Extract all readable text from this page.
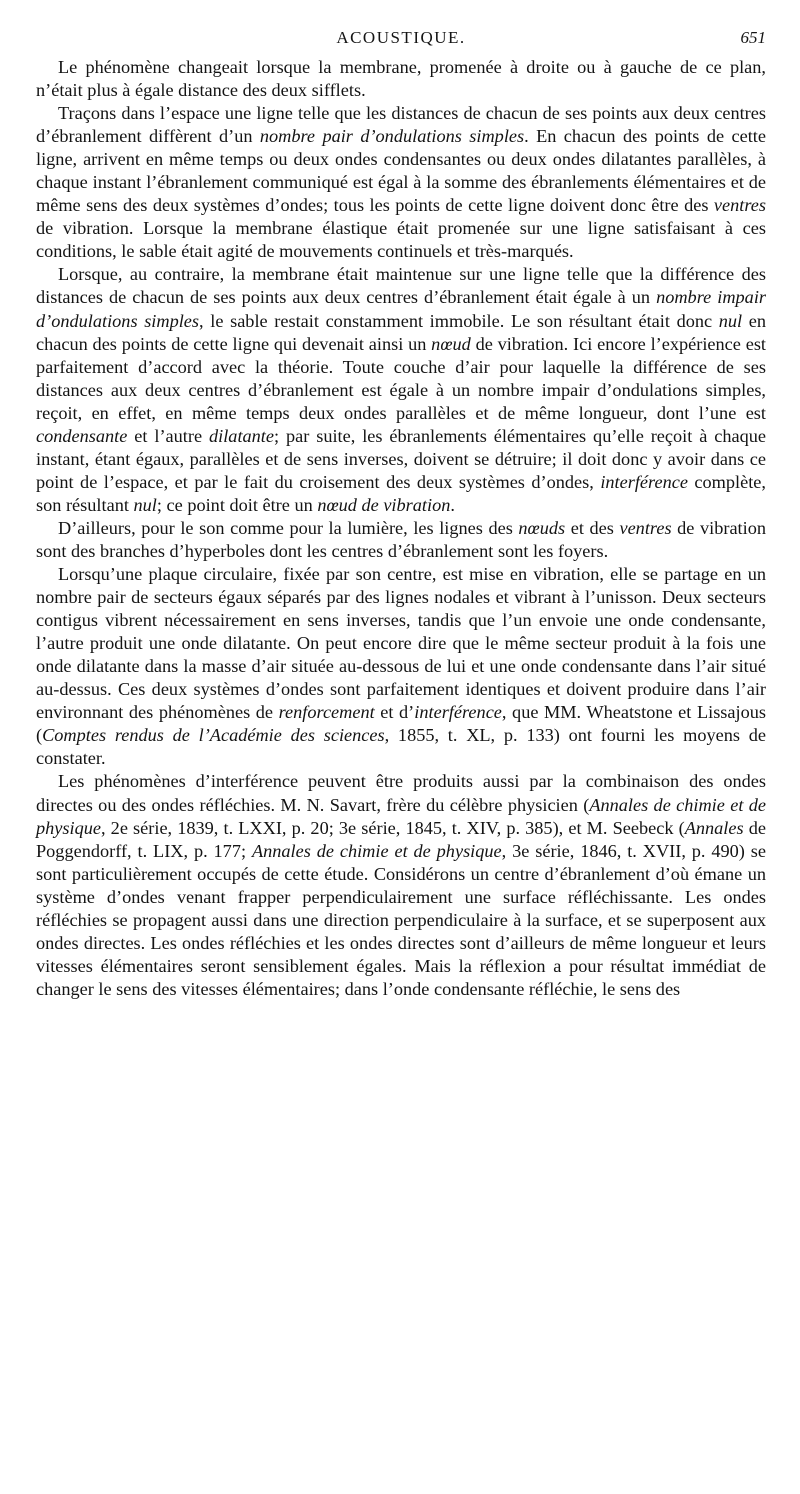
ACOUSTIQUE.	651

Le phénomène changeait lorsque la membrane, promenée à droite ou à gauche de ce plan, n’était plus à égale distance des deux sifflets.

Traçons dans l’espace une ligne telle que les distances de chacun de ses points aux deux centres d’ébranlement diffèrent d’un nombre pair d’ondulations simples. En chacun des points de cette ligne, arrivent en même temps ou deux ondes condensantes ou deux ondes dilatantes parallèles, à chaque instant l’ébranlement communiqué est égal à la somme des ébranlements élémentaires et de même sens des deux systèmes d’ondes; tous les points de cette ligne doivent donc être des ventres de vibration. Lorsque la membrane élastique était promenée sur une ligne satisfaisant à ces conditions, le sable était agité de mouvements continuels et très-marqués.

Lorsque, au contraire, la membrane était maintenue sur une ligne telle que la différence des distances de chacun de ses points aux deux centres d’ébranlement était égale à un nombre impair d’ondulations simples, le sable restait constamment immobile. Le son résultant était donc nul en chacun des points de cette ligne qui devenait ainsi un nœud de vibration. Ici encore l’expérience est parfaitement d’accord avec la théorie. Toute couche d’air pour laquelle la différence de ses distances aux deux centres d’ébranlement est égale à un nombre impair d’ondulations simples, reçoit, en effet, en même temps deux ondes parallèles et de même longueur, dont l’une est condensante et l’autre dilatante; par suite, les ébranlements élémentaires qu’elle reçoit à chaque instant, étant égaux, parallèles et de sens inverses, doivent se détruire; il doit donc y avoir dans ce point de l’espace, et par le fait du croisement des deux systèmes d’ondes, interférence complète, son résultant nul; ce point doit être un nœud de vibration.

D’ailleurs, pour le son comme pour la lumière, les lignes des nœuds et des ventres de vibration sont des branches d’hyperboles dont les centres d’ébranlement sont les foyers.

Lorsqu’une plaque circulaire, fixée par son centre, est mise en vibration, elle se partage en un nombre pair de secteurs égaux séparés par des lignes nodales et vibrant à l’unisson. Deux secteurs contigus vibrent nécessairement en sens inverses, tandis que l’un envoie une onde condensante, l’autre produit une onde dilatante. On peut encore dire que le même secteur produit à la fois une onde dilatante dans la masse d’air située au-dessous de lui et une onde condensante dans l’air situé au-dessus. Ces deux systèmes d’ondes sont parfaitement identiques et doivent produire dans l’air environnant des phénomènes de renforcement et d’interférence, que MM. Wheatstone et Lissajous (Comptes rendus de l’Académie des sciences, 1855, t. XL, p. 133) ont fourni les moyens de constater.

Les phénomènes d’interférence peuvent être produits aussi par la combinaison des ondes directes ou des ondes réfléchies. M. N. Savart, frère du célèbre physicien (Annales de chimie et de physique, 2e série, 1839, t. LXXI, p. 20; 3e série, 1845, t. XIV, p. 385), et M. Seebeck (Annales de Poggendorff, t. LIX, p. 177; Annales de chimie et de physique, 3e série, 1846, t. XVII, p. 490) se sont particulièrement occupés de cette étude. Considérons un centre d’ébranlement d’où émane un système d’ondes venant frapper perpendiculairement une surface réfléchissante. Les ondes réfléchies se propagent aussi dans une direction perpendiculaire à la surface, et se superposent aux ondes directes. Les ondes réfléchies et les ondes directes sont d’ailleurs de même longueur et leurs vitesses élémentaires seront sensiblement égales. Mais la réflexion a pour résultat immédiat de changer le sens des vitesses élémentaires; dans l’onde condensante réfléchie, le sens des
